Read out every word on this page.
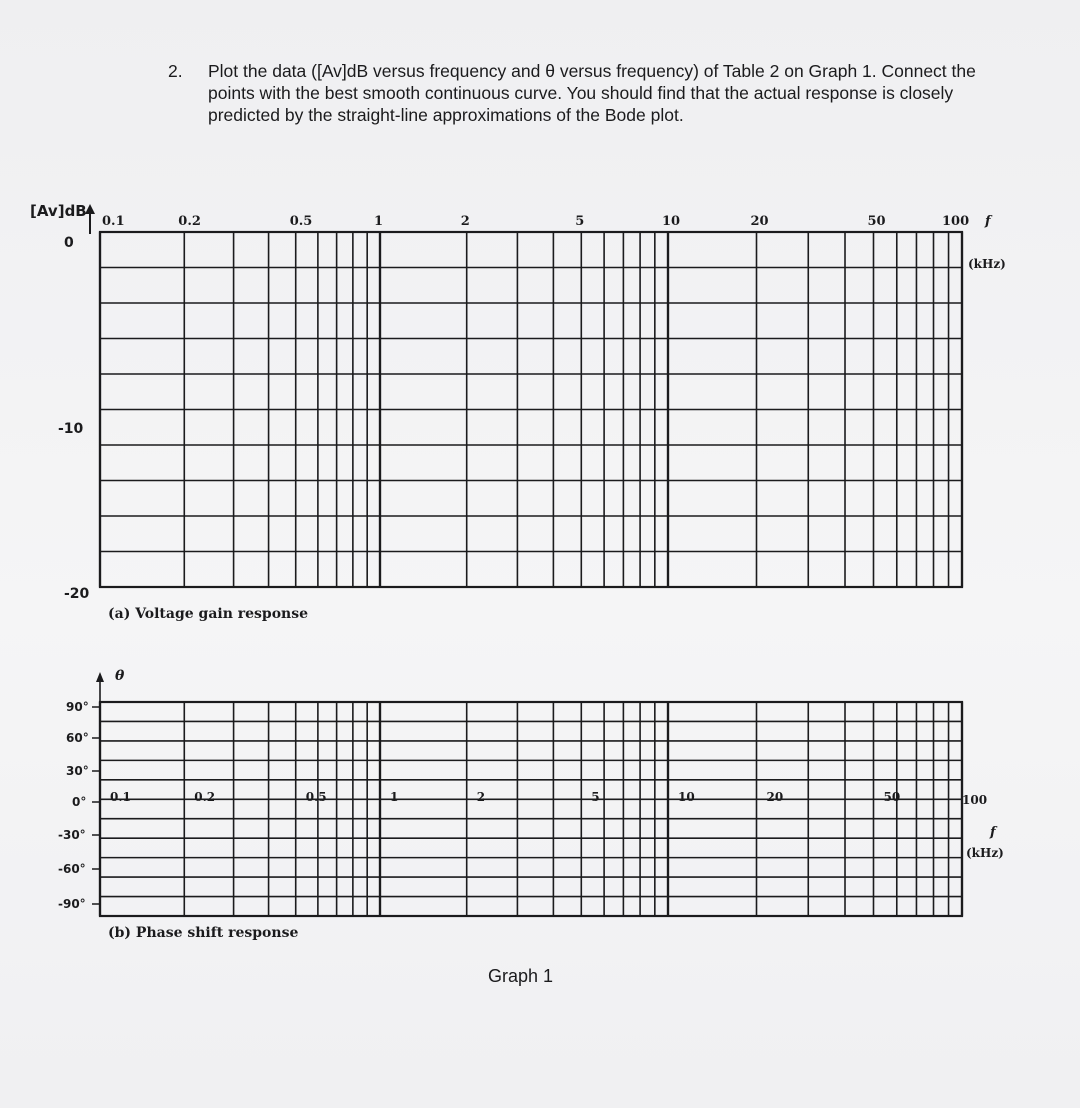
2. Plot the data ([Av]dB versus frequency and θ versus frequency) of Table 2 on Graph 1. Connect the points with the best smooth continuous curve. You should find that the actual response is closely predicted by the straight-line approximations of the Bode plot.
[Av]dB
0
-10
-20
0.1	0.2	0.5	1	2	5	10	20	50	100 f
(kHz)
θ
90°
60°
30°
0°
-30°
-60°
-90°
0.1	0.2	0.5	1	2	5	10	20	50	100
f
(kHz)
(a) Voltage gain response
(b) Phase shift response
Graph 1
